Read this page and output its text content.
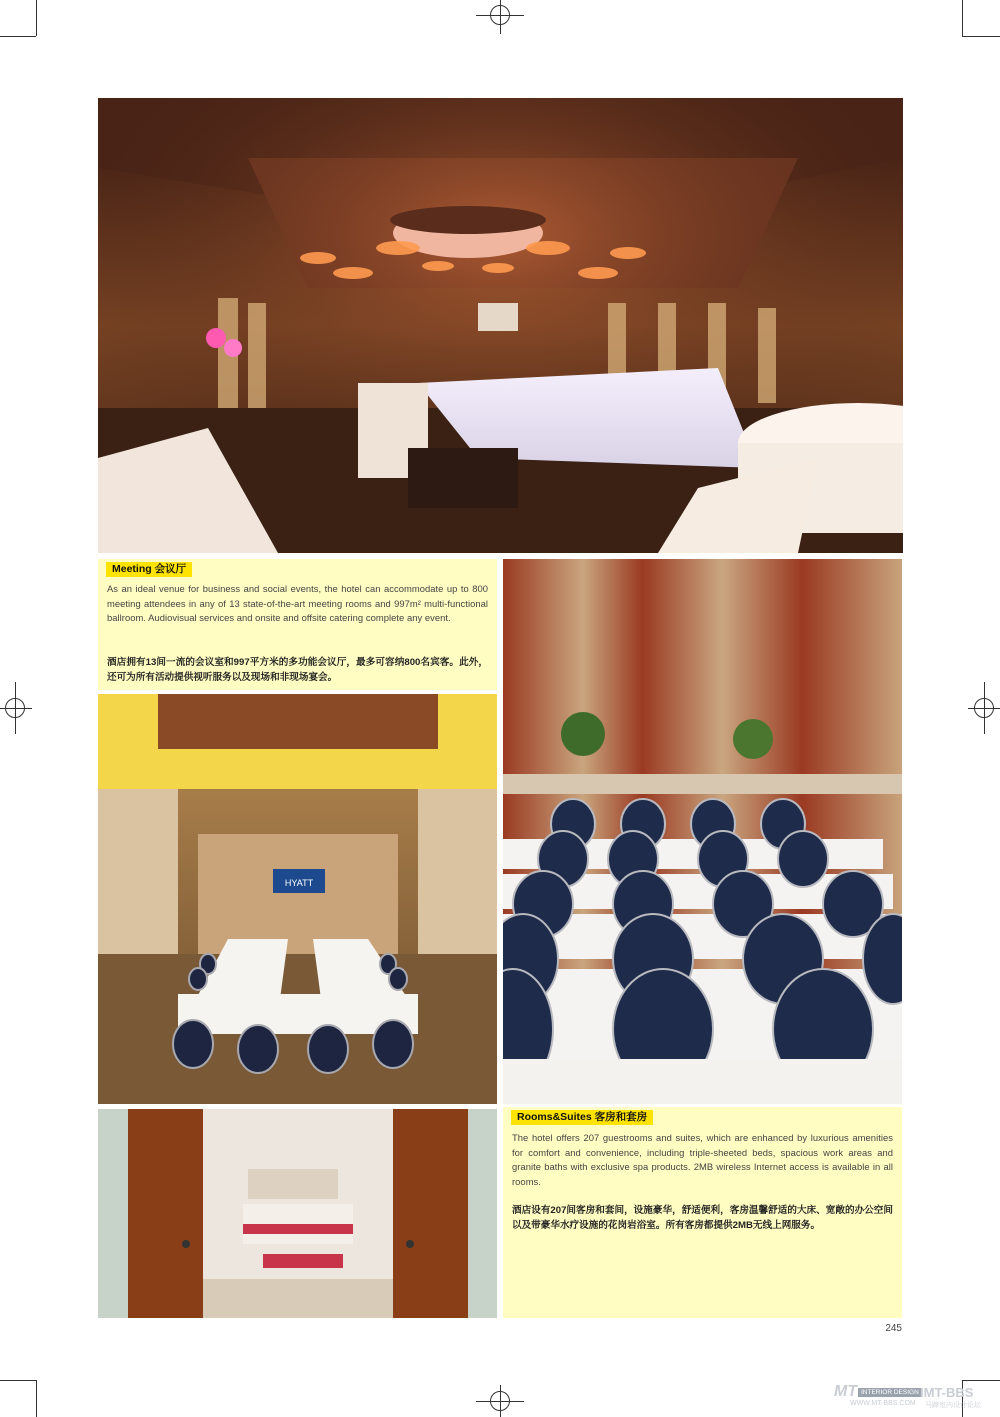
Meeting 会议厅
As an ideal venue for business and social events, the hotel can accommodate up to 800 meeting attendees in any of 13 state-of-the-art meeting rooms and 997m² multi-functional ballroom. Audiovisual services and onsite and offsite catering complete any event.
酒店拥有13间一流的会议室和997平方米的多功能会议厅，最多可容纳800名宾客。此外，还可为所有活动提供视听服务以及现场和非现场宴会。
HYATT
Rooms&Suites 客房和套房
The hotel offers 207 guestrooms and suites, which are enhanced by luxurious amenities for comfort and convenience, including triple-sheeted beds, spacious work areas and granite baths with exclusive spa products. 2MB wireless Internet access is available in all rooms.
酒店设有207间客房和套间，设施豪华，舒适便利，客房温馨舒适的大床、宽敞的办公空间以及带豪华水疗设施的花岗岩浴室。所有客房都提供2MB无线上网服务。
245
MT INTERIOR DESIGN IMT-BBS
WWW.MT-BBS.COM 马蹄室内设计论坛
